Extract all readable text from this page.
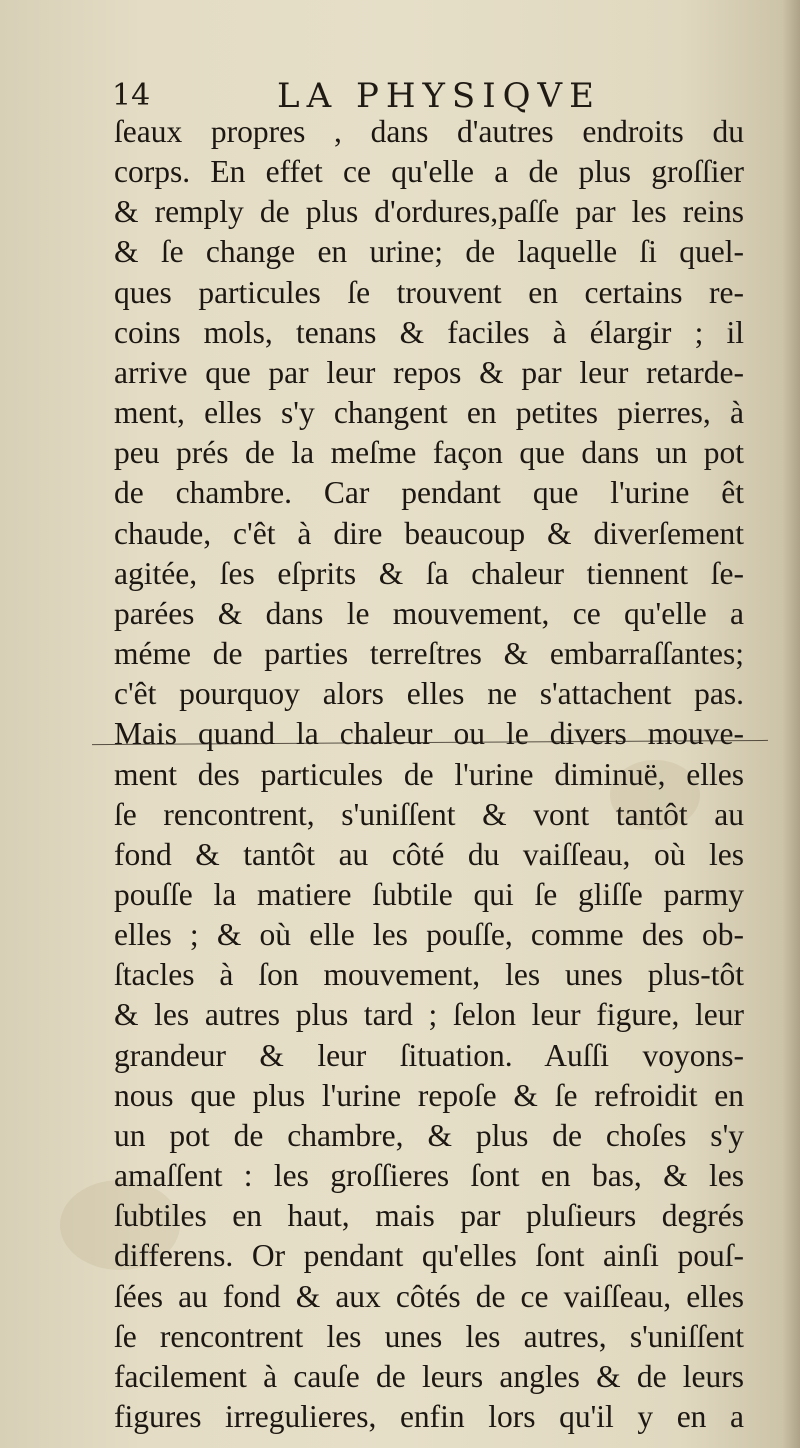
14	LA PHYSIQVE
ſeaux propres , dans d'autres endroits du
corps. En effet ce qu'elle a de plus groſſier
& remply de plus d'ordures,paſſe par les reins
& ſe change en urine; de laquelle ſi quel-
ques particules ſe trouvent en certains re-
coins mols, tenans & faciles à élargir ; il
arrive que par leur repos & par leur retarde-
ment, elles s'y changent en petites pierres, à
peu prés de la meſme façon que dans un pot
de chambre. Car pendant que l'urine êt
chaude, c'êt à dire beaucoup & diverſement
agitée, ſes eſprits & ſa chaleur tiennent ſe-
parées & dans le mouvement, ce qu'elle a
méme de parties terreſtres & embarraſſantes;
c'êt pourquoy alors elles ne s'attachent pas.
Mais quand la chaleur ou le divers mouve-
ment des particules de l'urine diminuë, elles
ſe rencontrent, s'uniſſent & vont tantôt au
fond & tantôt au côté du vaiſſeau, où les
pouſſe la matiere ſubtile qui ſe gliſſe parmy
elles ; & où elle les pouſſe, comme des ob-
ſtacles à ſon mouvement, les unes plus-tôt
& les autres plus tard ; ſelon leur figure, leur
grandeur & leur ſituation. Auſſi voyons-
nous que plus l'urine repoſe & ſe refroidit en
un pot de chambre, & plus de choſes s'y
amaſſent : les groſſieres ſont en bas, & les
ſubtiles en haut, mais par pluſieurs degrés
differens. Or pendant qu'elles ſont ainſi pouſ-
ſées au fond & aux côtés de ce vaiſſeau, elles
ſe rencontrent les unes les autres, s'uniſſent
facilement à cauſe de leurs angles & de leurs
figures irregulieres, enfin lors qu'il y en a
